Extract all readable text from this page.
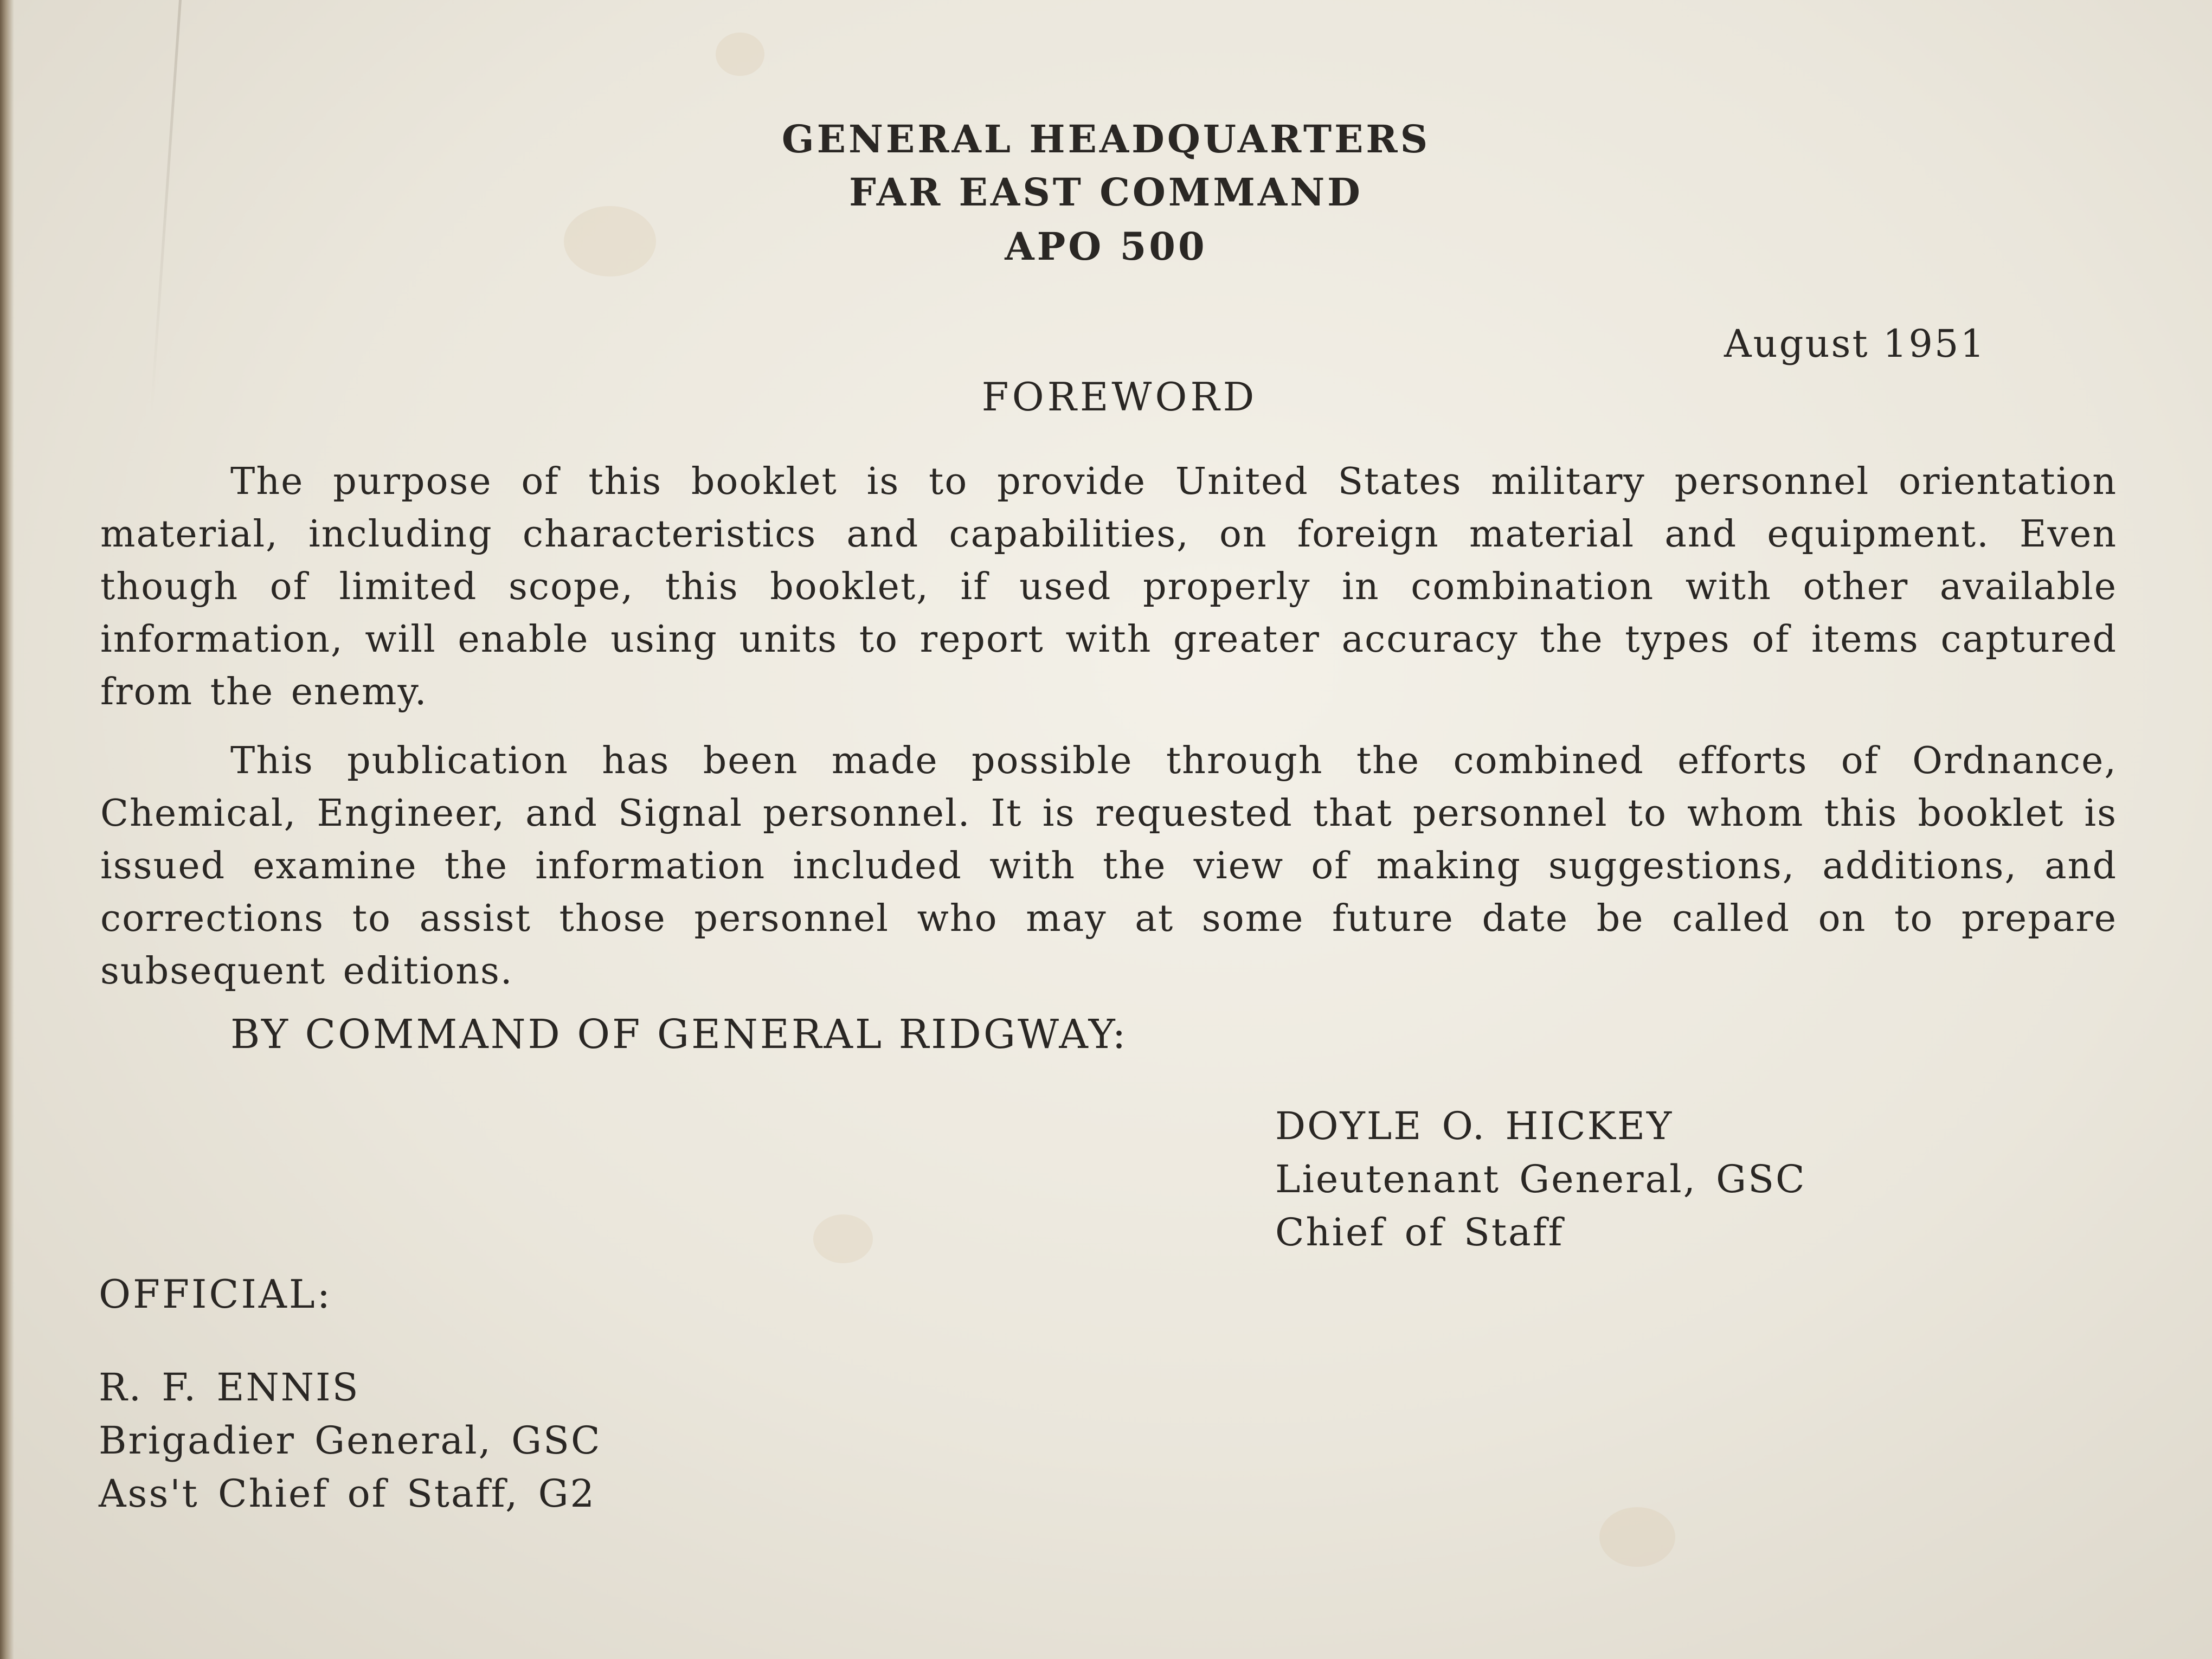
GENERAL HEADQUARTERS
FAR EAST COMMAND
APO 500
August 1951
FOREWORD
The purpose of this booklet is to provide United States military personnel orientation material, including characteristics and capabilities, on foreign material and equipment. Even though of limited scope, this booklet, if used properly in combination with other available information, will enable using units to report with greater accuracy the types of items captured from the enemy.
This publication has been made possible through the combined efforts of Ordnance, Chemical, Engineer, and Signal personnel. It is requested that personnel to whom this booklet is issued examine the information included with the view of making suggestions, additions, and corrections to assist those personnel who may at some future date be called on to prepare subsequent editions.
BY COMMAND OF GENERAL RIDGWAY:
DOYLE O. HICKEY
Lieutenant General, GSC
Chief of Staff
OFFICIAL:
R. F. ENNIS
Brigadier General, GSC
Ass't Chief of Staff, G2
